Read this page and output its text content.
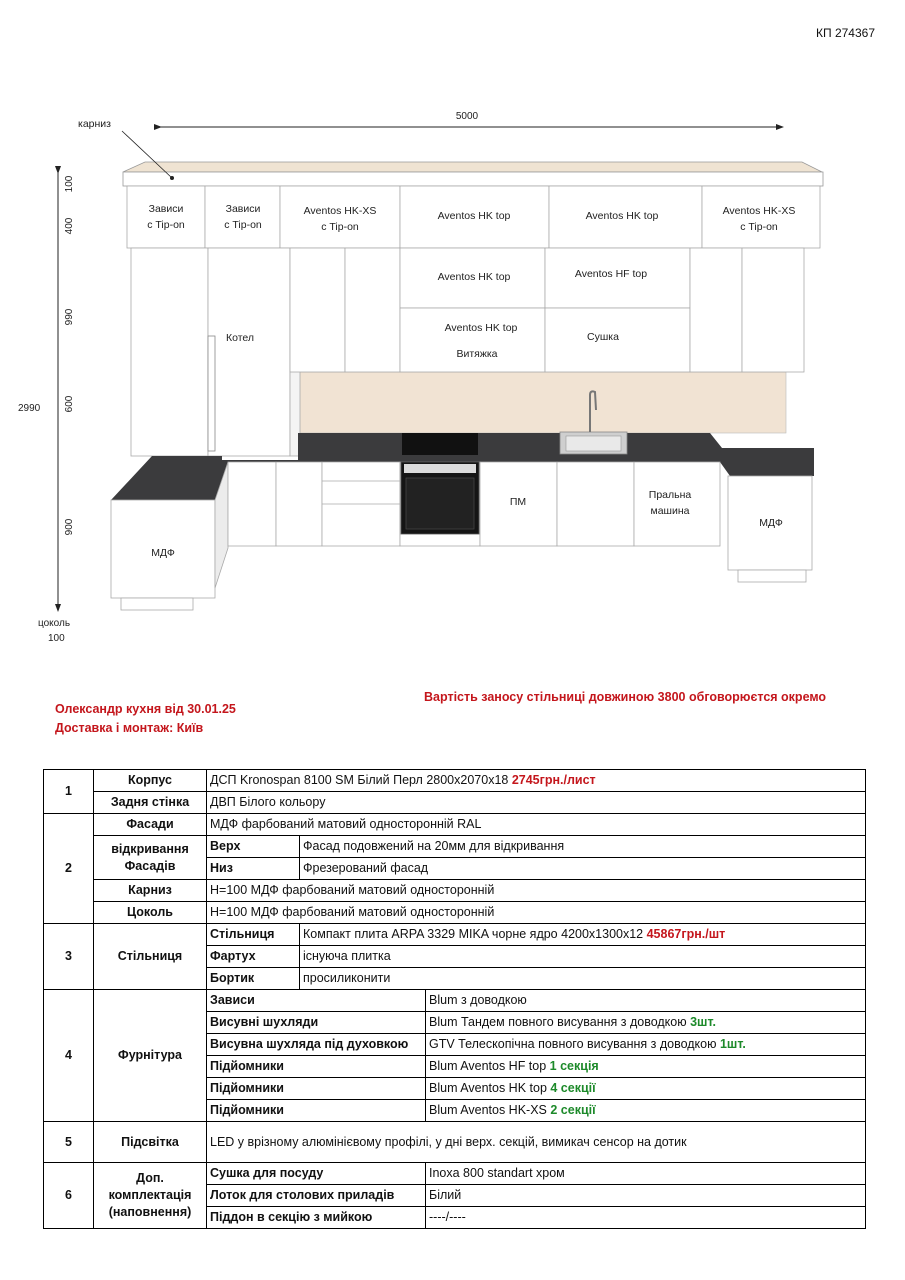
КП 274367
5000
2990
100
400
990
600
900
цоколь
100
карниз
Зависи
с Tip-on
Зависи
с Tip-on
Aventos HK-XS
с Tip-on
Aventos HK top	Aventos HK top	Aventos HK-XS
с Tip-on
Котел
Aventos HK top	Aventos HF top
Aventos HK top
Витяжка
Сушка
МДФ
ПМ
Пральна
машина
МДФ
Олександр кухня від 30.01.25
Доставка і монтаж: Київ
Вартість заносу стільниці довжиною 3800 обговорюєтся окремо
1	Корпус	ДСП Kronospan 8100 SM Білий Перл 2800х2070х18 2745грн./лист		
	Задня стінка	ДВП Білого кольору		
2	Фасади	МДФ фарбований матовий односторонній RAL		
	відкривання Фасадів	Верх	Фасад подовжений на 20мм для відкривання	
		Низ	Фрезерований фасад	
	Карниз	Н=100 МДФ фарбований матовий односторонній		
	Цоколь	Н=100 МДФ фарбований матовий односторонній		
3	Стільниця	Стільниця	Компакт плита ARPA 3329 MIKA чорне ядро 4200х1300х12 45867грн./шт	
		Фартух	існуюча плитка	
		Бортик	просиликонити	
4	Фурнітура	Зависи		Blum з доводкою
		Висувні шухляди		Blum Тандем повного висування з доводкою 3шт.
		Висувна шухляда під духовкою		GTV Телескопічна повного висування з доводкою 1шт.
		Підйомники		Blum Aventos HF top 1 секція
		Підйомники		Blum Aventos HK top 4 секції
		Підйомники		Blum Aventos HK-XS 2 секції
5	Підсвітка	LED у врізному алюмінієвому профілі, у дні верх. секцій, вимикач сенсор на дотик		
6	Доп. комплектація (наповнення)	Сушка для посуду		Inoxa 800 standart хром
		Лоток для столових приладів		Білий
		Піддон в секцію з мийкою		----/----
